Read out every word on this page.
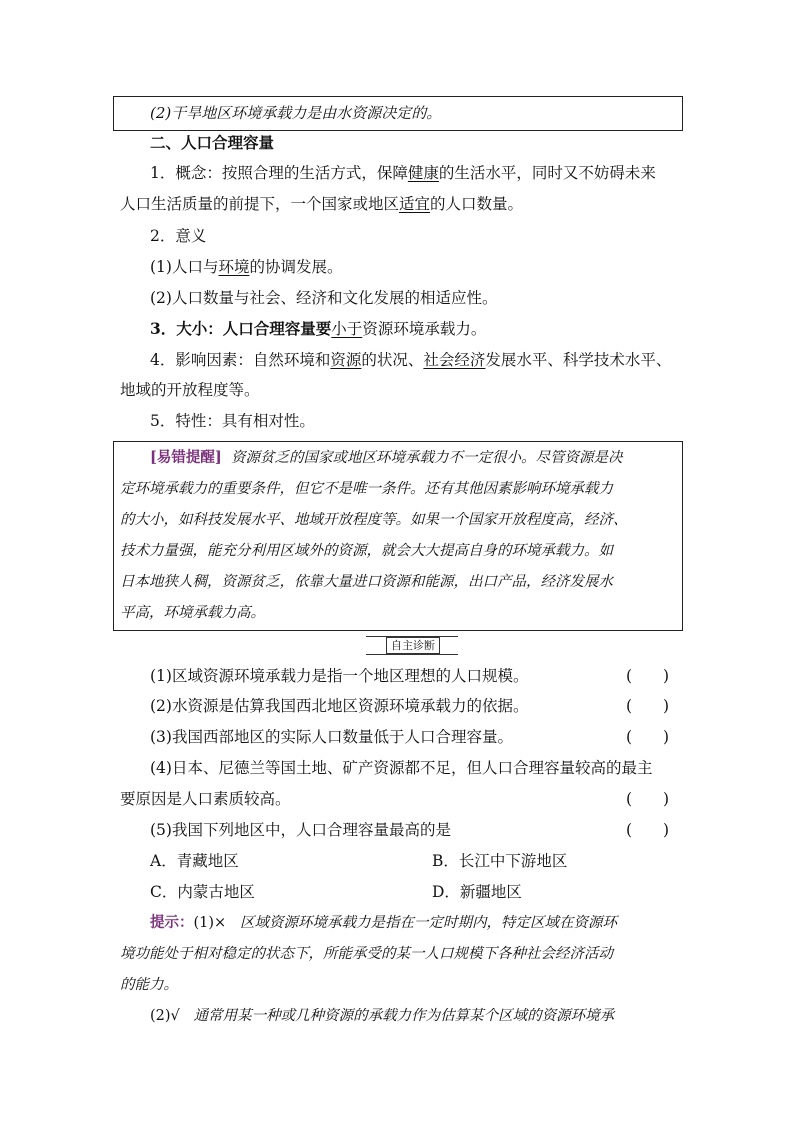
(2)干旱地区环境承载力是由水资源决定的。
二、人口合理容量
1．概念：按照合理的生活方式，保障健康的生活水平，同时又不妨碍未来
人口生活质量的前提下，一个国家或地区适宜的人口数量。
2．意义
(1)人口与环境的协调发展。
(2)人口数量与社会、经济和文化发展的相适应性。
3．大小：人口合理容量要小于资源环境承载力。
4．影响因素：自然环境和资源的状况、社会经济发展水平、科学技术水平、
地域的开放程度等。
5．特性：具有相对性。
[易错提醒] 资源贫乏的国家或地区环境承载力不一定很小。尽管资源是决
定环境承载力的重要条件，但它不是唯一条件。还有其他因素影响环境承载力
的大小，如科技发展水平、地域开放程度等。如果一个国家开放程度高，经济、
技术力量强，能充分利用区域外的资源，就会大大提高自身的环境承载力。如
日本地狭人稠，资源贫乏，依靠大量进口资源和能源，出口产品，经济发展水
平高，环境承载力高。
自主诊断
(1)区域资源环境承载力是指一个地区理想的人口规模。	(　　)
(2)水资源是估算我国西北地区资源环境承载力的依据。	(　　)
(3)我国西部地区的实际人口数量低于人口合理容量。	(　　)
(4)日本、尼德兰等国土地、矿产资源都不足，但人口合理容量较高的最主
要原因是人口素质较高。	(　　)
(5)我国下列地区中，人口合理容量最高的是	(　　)
A．青藏地区	B．长江中下游地区
C．内蒙古地区	D．新疆地区
提示：(1)× 区域资源环境承载力是指在一定时期内，特定区域在资源环
境功能处于相对稳定的状态下，所能承受的某一人口规模下各种社会经济活动
的能力。
(2)√ 通常用某一种或几种资源的承载力作为估算某个区域的资源环境承
